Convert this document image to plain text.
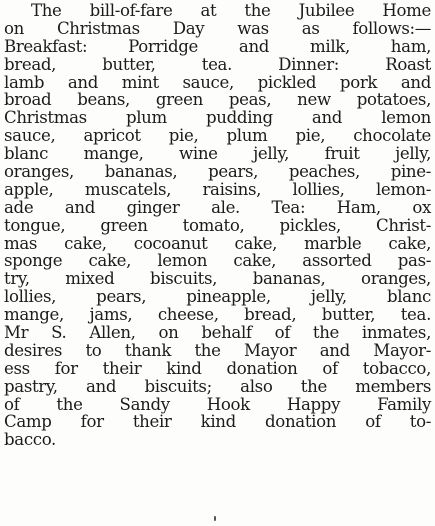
The bill-of-fare at the Jubilee Home
on Christmas Day was as follows:—
Breakfast: Porridge and milk, ham,
bread, butter, tea. Dinner: Roast
lamb and mint sauce, pickled pork and
broad beans, green peas, new potatoes,
Christmas plum pudding and lemon
sauce, apricot pie, plum pie, chocolate
blanc mange, wine jelly, fruit jelly,
oranges, bananas, pears, peaches, pine-
apple, muscatels, raisins, lollies, lemon-
ade and ginger ale. Tea: Ham, ox
tongue, green tomato, pickles, Christ-
mas cake, cocoanut cake, marble cake,
sponge cake, lemon cake, assorted pas-
try, mixed biscuits, bananas, oranges,
lollies, pears, pineapple, jelly, blanc
mange, jams, cheese, bread, butter, tea.
Mr S. Allen, on behalf of the inmates,
desires to thank the Mayor and Mayor-
ess for their kind donation of tobacco,
pastry, and biscuits; also the members
of the Sandy Hook Happy Family
Camp for their kind donation of to-
bacco.
